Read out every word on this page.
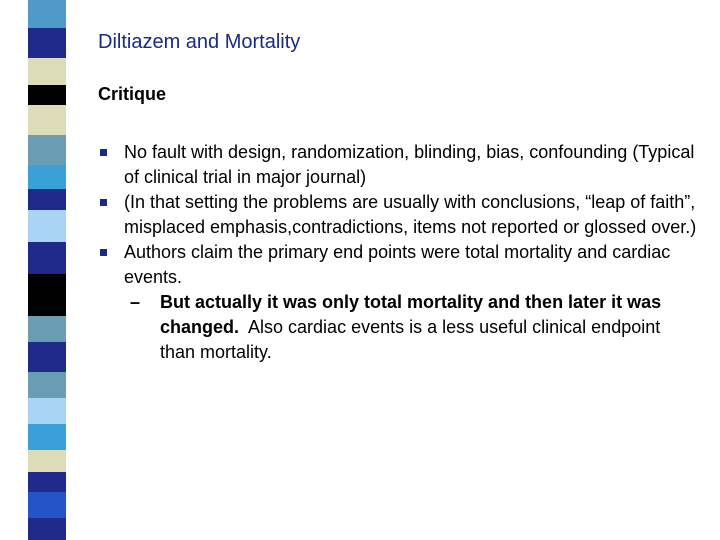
Diltiazem and Mortality
Critique
No fault with design, randomization, blinding, bias, confounding (Typical of clinical trial in major journal)
(In that setting the problems are usually with conclusions, “leap of faith”, misplaced emphasis,contradictions, items not reported or glossed over.)
Authors claim the primary end points were total mortality and cardiac events.
– But actually it was only total mortality and then later it was changed.  Also cardiac events is a less useful clinical endpoint than mortality.
